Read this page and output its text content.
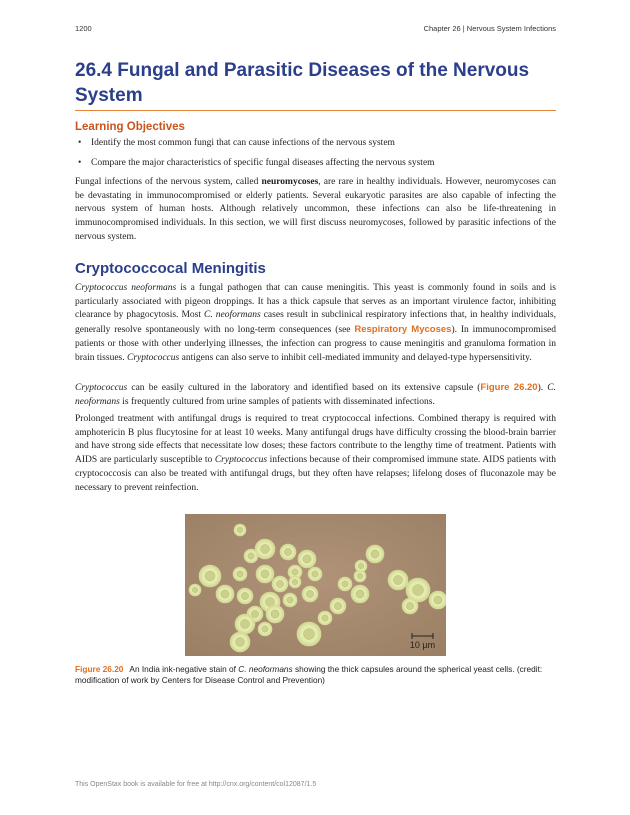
1200	Chapter 26 | Nervous System Infections
26.4 Fungal and Parasitic Diseases of the Nervous System
Learning Objectives
• Identify the most common fungi that can cause infections of the nervous system
• Compare the major characteristics of specific fungal diseases affecting the nervous system

Fungal infections of the nervous system, called neuromycoses, are rare in healthy individuals. However, neuromycoses can be devastating in immunocompromised or elderly patients. Several eukaryotic parasites are also capable of infecting the nervous system of human hosts. Although relatively uncommon, these infections can also be life-threatening in immunocompromised individuals. In this section, we will first discuss neuromycoses, followed by parasitic infections of the nervous system.

Cryptococcocal Meningitis

Cryptococcus neoformans is a fungal pathogen that can cause meningitis. This yeast is commonly found in soils and is particularly associated with pigeon droppings. It has a thick capsule that serves as an important virulence factor, inhibiting clearance by phagocytosis. Most C. neoformans cases result in subclinical respiratory infections that, in healthy individuals, generally resolve spontaneously with no long-term consequences (see Respiratory Mycoses). In immunocompromised patients or those with other underlying illnesses, the infection can progress to cause meningitis and granuloma formation in brain tissues. Cryptococcus antigens can also serve to inhibit cell-mediated immunity and delayed-type hypersensitivity.

Cryptococcus can be easily cultured in the laboratory and identified based on its extensive capsule (Figure 26.20). C. neoformans is frequently cultured from urine samples of patients with disseminated infections.

Prolonged treatment with antifungal drugs is required to treat cryptococcal infections. Combined therapy is required with amphotericin B plus flucytosine for at least 10 weeks. Many antifungal drugs have difficulty crossing the blood-brain barrier and have strong side effects that necessitate low doses; these factors contribute to the lengthy time of treatment. Patients with AIDS are particularly susceptible to Cryptococcus infections because of their compromised immune state. AIDS patients with cryptococcosis can also be treated with antifungal drugs, but they often have relapses; lifelong doses of fluconazole may be necessary to prevent reinfection.

10 µm

Figure 26.20 An India ink-negative stain of C. neoformans showing the thick capsules around the spherical yeast cells. (credit: modification of work by Centers for Disease Control and Prevention)

This OpenStax book is available for free at http://cnx.org/content/col12087/1.5
